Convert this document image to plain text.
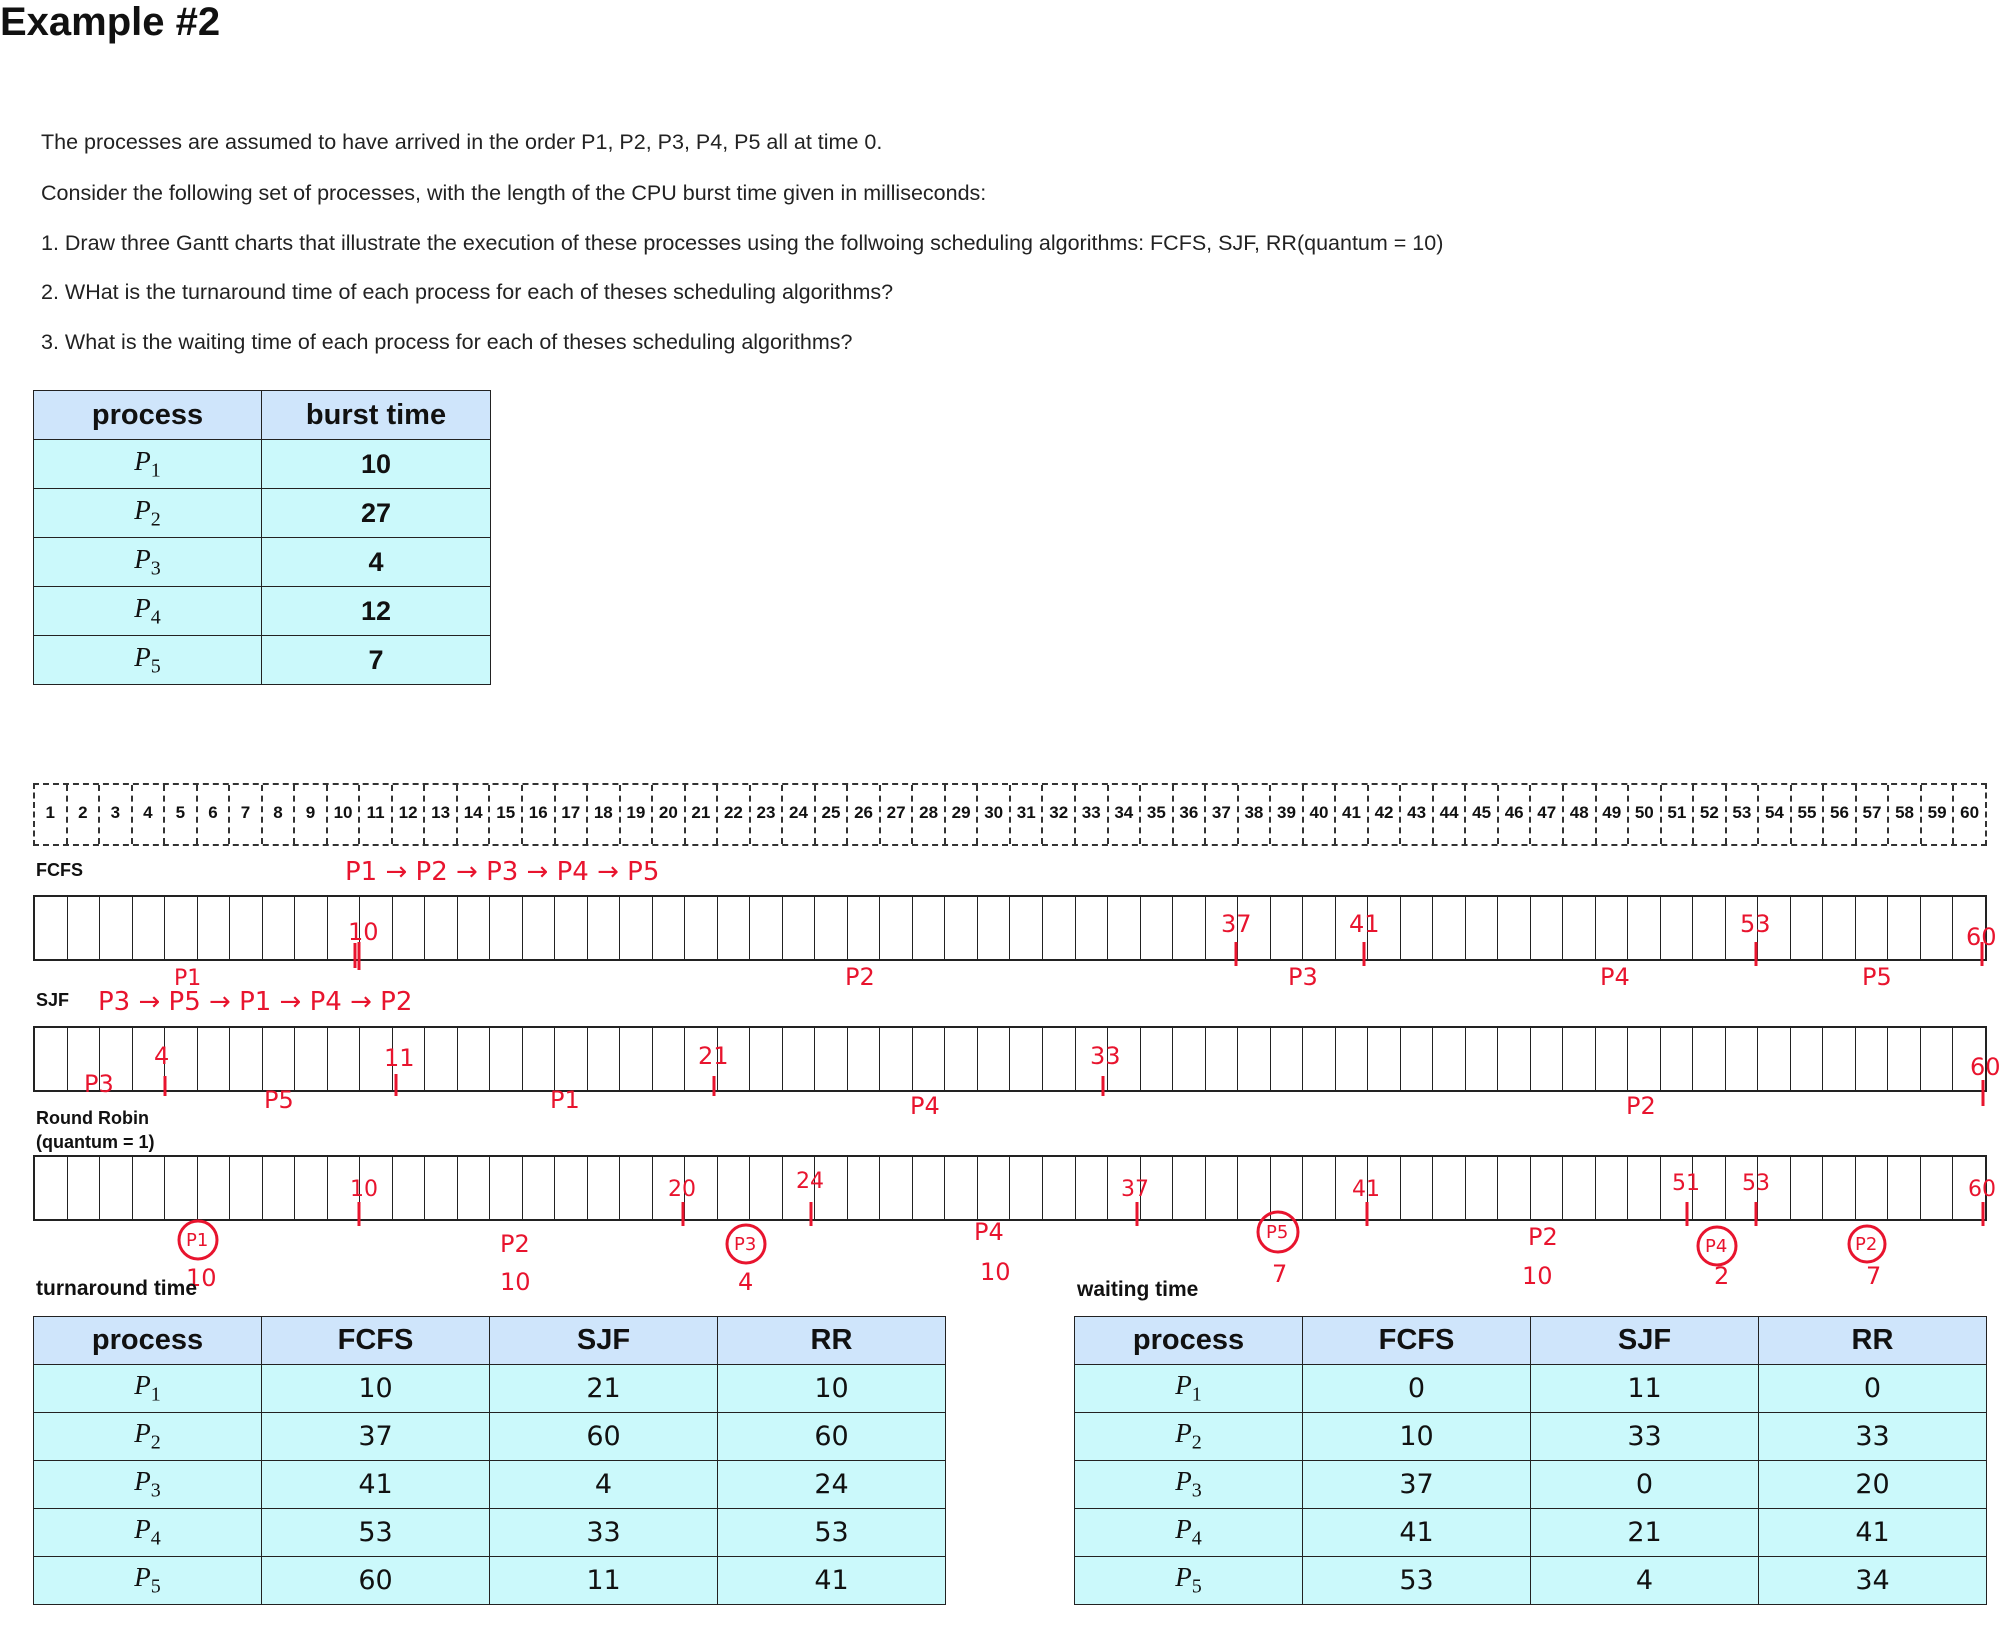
Example #2
The processes are assumed to have arrived in the order P1, P2, P3, P4, P5 all at time 0.
Consider the following set of processes, with the length of the CPU burst time given in milliseconds:
1. Draw three Gantt charts that illustrate the execution of these processes using the follwoing scheduling algorithms: FCFS, SJF, RR(quantum = 10)
2. WHat is the turnaround time of each process for each of theses scheduling algorithms?
3. What is the waiting time of each process for each of theses scheduling algorithms?
process	burst time
$P_1$	10
$P_2$	27
$P_3$	4
$P_4$	12
$P_5$	7
1	2	3	4	5	6	7	8	9	10 11 12 13 14 15 16 17 18 19 20 21 22 23 24 25 26 27 28 29 30 31 32 33 34 35 36 37 38 39 40 41 42 43 44 45 46 47 48 49 50 51 52 53 54 55 56 57 58 59 60
FCFS
SJF
Round Robin
(quantum = 1)
P1 → P2 → P3 → P4 → P5
P3 → P5 → P1 → P4 → P2
P1
10	37	41	53	60
P2	P3	P4	P5
4	11	21	33	60
P3
P5	P1	P4	P2
10	20	24	37	41	51 53	60
P1	P3
P5
P4	P2
P2	P4	P2
10	10	4	10	7	10	2	7
turnaround time	waiting time
process	FCFS	SJF	RR
$P_1$	10	21	10
$P_2$	37	60	60
$P_3$	41	4	24
$P_4$	53	33	53
$P_5$	60	11	41
process	FCFS	SJF	RR
$P_1$	0	11	0
$P_2$	10	33	33
$P_3$	37	0	20
$P_4$	41	21	41
$P_5$	53	4	34
